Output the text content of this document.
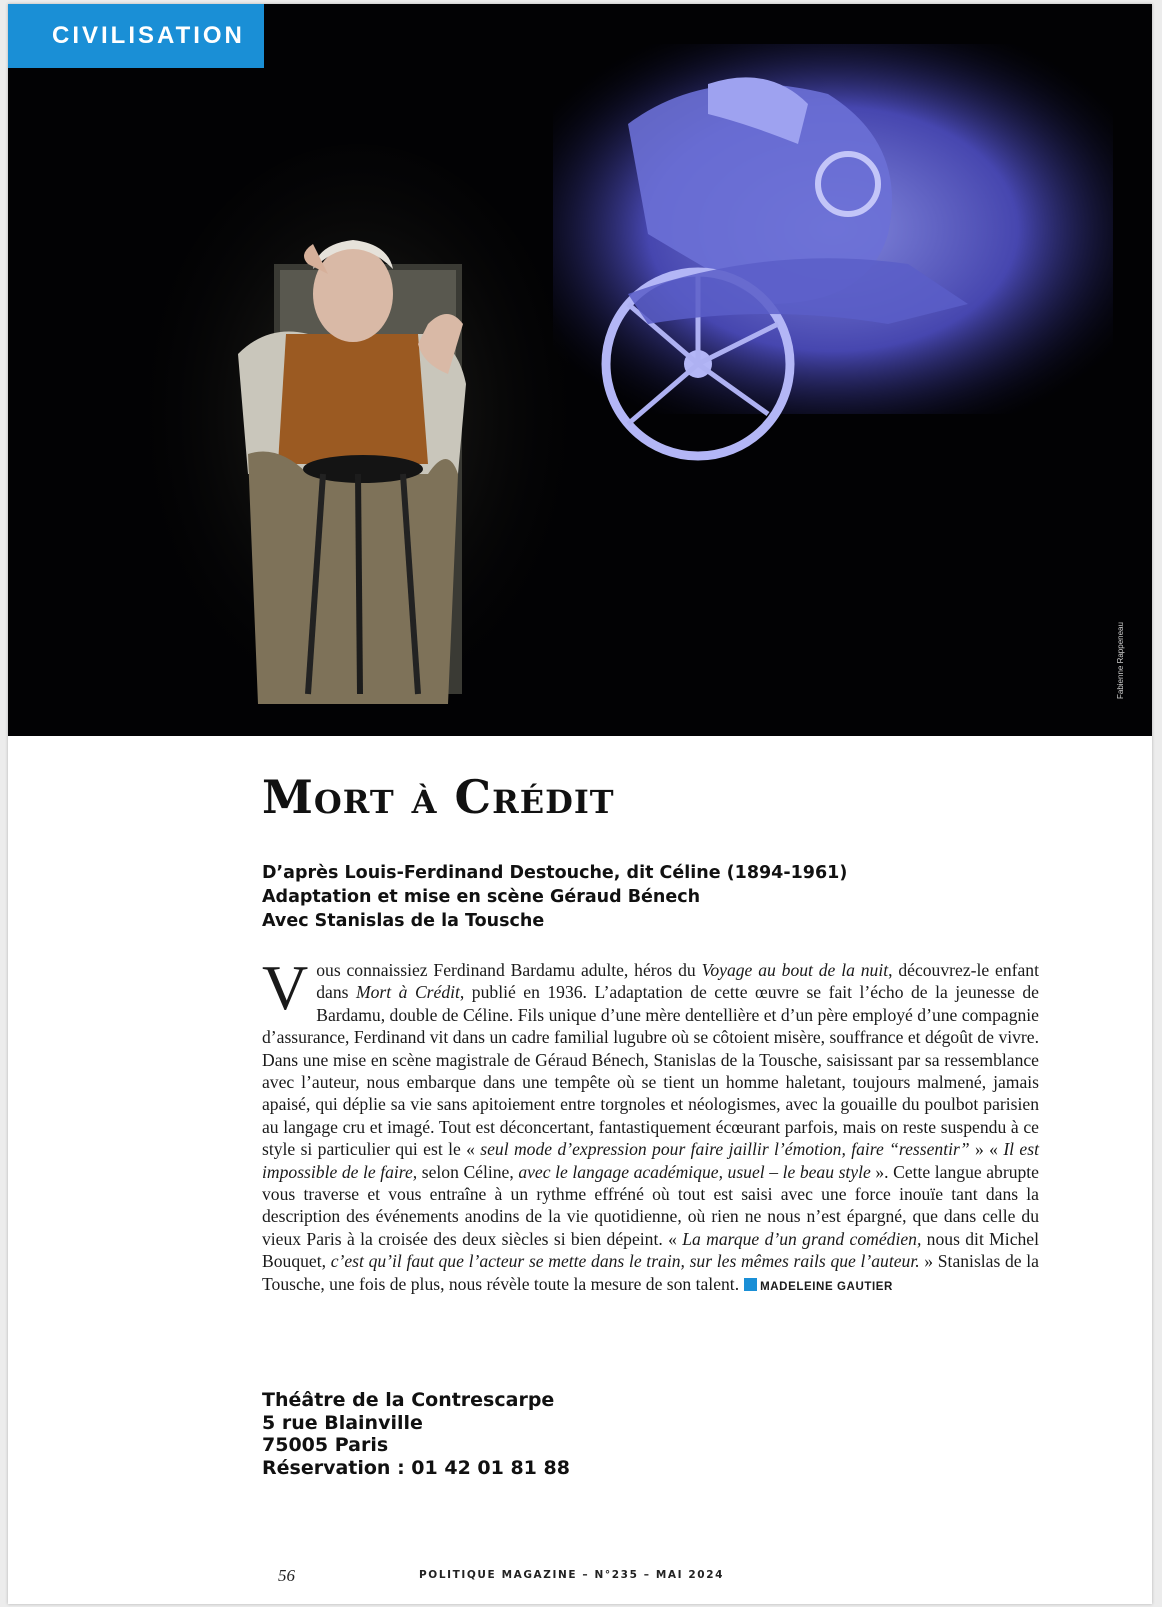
CIVILISATION
Fabienne Rappeneau
Mort à Crédit
D’après Louis-Ferdinand Destouche, dit Céline (1894-1961)
Adaptation et mise en scène Géraud Bénech
Avec Stanislas de la Tousche
Vous connaissiez Ferdinand Bardamu adulte, héros du Voyage au bout de la nuit, découvrez-le enfant dans Mort à Crédit, publié en 1936. L’adaptation de cette œuvre se fait l’écho de la jeunesse de Bardamu, double de Céline. Fils unique d’une mère dentellière et d’un père employé d’une compagnie d’assurance, Ferdinand vit dans un cadre familial lugubre où se côtoient misère, souffrance et dégoût de vivre. Dans une mise en scène magistrale de Géraud Bénech, Stanislas de la Tousche, saisissant par sa ressemblance avec l’auteur, nous embarque dans une tempête où se tient un homme haletant, toujours malmené, jamais apaisé, qui déplie sa vie sans apitoiement entre torgnoles et néologismes, avec la gouaille du poulbot parisien au langage cru et imagé. Tout est déconcertant, fantastiquement écœurant parfois, mais on reste suspendu à ce style si particulier qui est le « seul mode d’expression pour faire jaillir l’émotion, faire “ressentir” » « Il est impossible de le faire, selon Céline, avec le langage académique, usuel – le beau style ». Cette langue abrupte vous traverse et vous entraîne à un rythme effréné où tout est saisi avec une force inouïe tant dans la description des événements anodins de la vie quotidienne, où rien ne nous n’est épargné, que dans celle du vieux Paris à la croisée des deux siècles si bien dépeint. « La marque d’un grand comédien, nous dit Michel Bouquet, c’est qu’il faut que l’acteur se mette dans le train, sur les mêmes rails que l’auteur. » Stanislas de la Tousche, une fois de plus, nous révèle toute la mesure de son talent. MADELEINE GAUTIER
Théâtre de la Contrescarpe
5 rue Blainville
75005 Paris
Réservation : 01 42 01 81 88
56	POLITIQUE MAGAZINE – N°235 – MAI 2024
